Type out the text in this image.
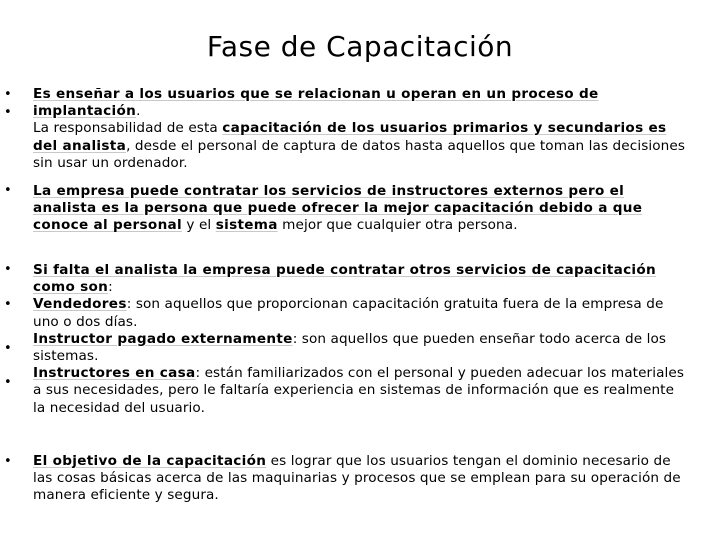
Fase de Capacitación
•
•
•
•
•
•
•
•
Es enseñar a los usuarios que se relacionan u operan en un proceso de implantación.
La responsabilidad de esta capacitación de los usuarios primarios y secundarios es del analista, desde el personal de captura de datos hasta aquellos que toman las decisiones sin usar un ordenador.
La empresa puede contratar los servicios de instructores externos pero el analista es la persona que puede ofrecer la mejor capacitación debido a que conoce al personal y el sistema mejor que cualquier otra persona.
Si falta el analista la empresa puede contratar otros servicios de capacitación como son:
Vendedores: son aquellos que proporcionan capacitación gratuita fuera de la empresa de uno o dos días.
Instructor pagado externamente: son aquellos que pueden enseñar todo acerca de los sistemas.
Instructores en casa: están familiarizados con el personal y pueden adecuar los materiales a sus necesidades, pero le faltaría experiencia en sistemas de información que es realmente la necesidad del usuario.
El objetivo de la capacitación es lograr que los usuarios tengan el dominio necesario de las cosas básicas acerca de las maquinarias y procesos que se emplean para su operación de manera eficiente y segura.
